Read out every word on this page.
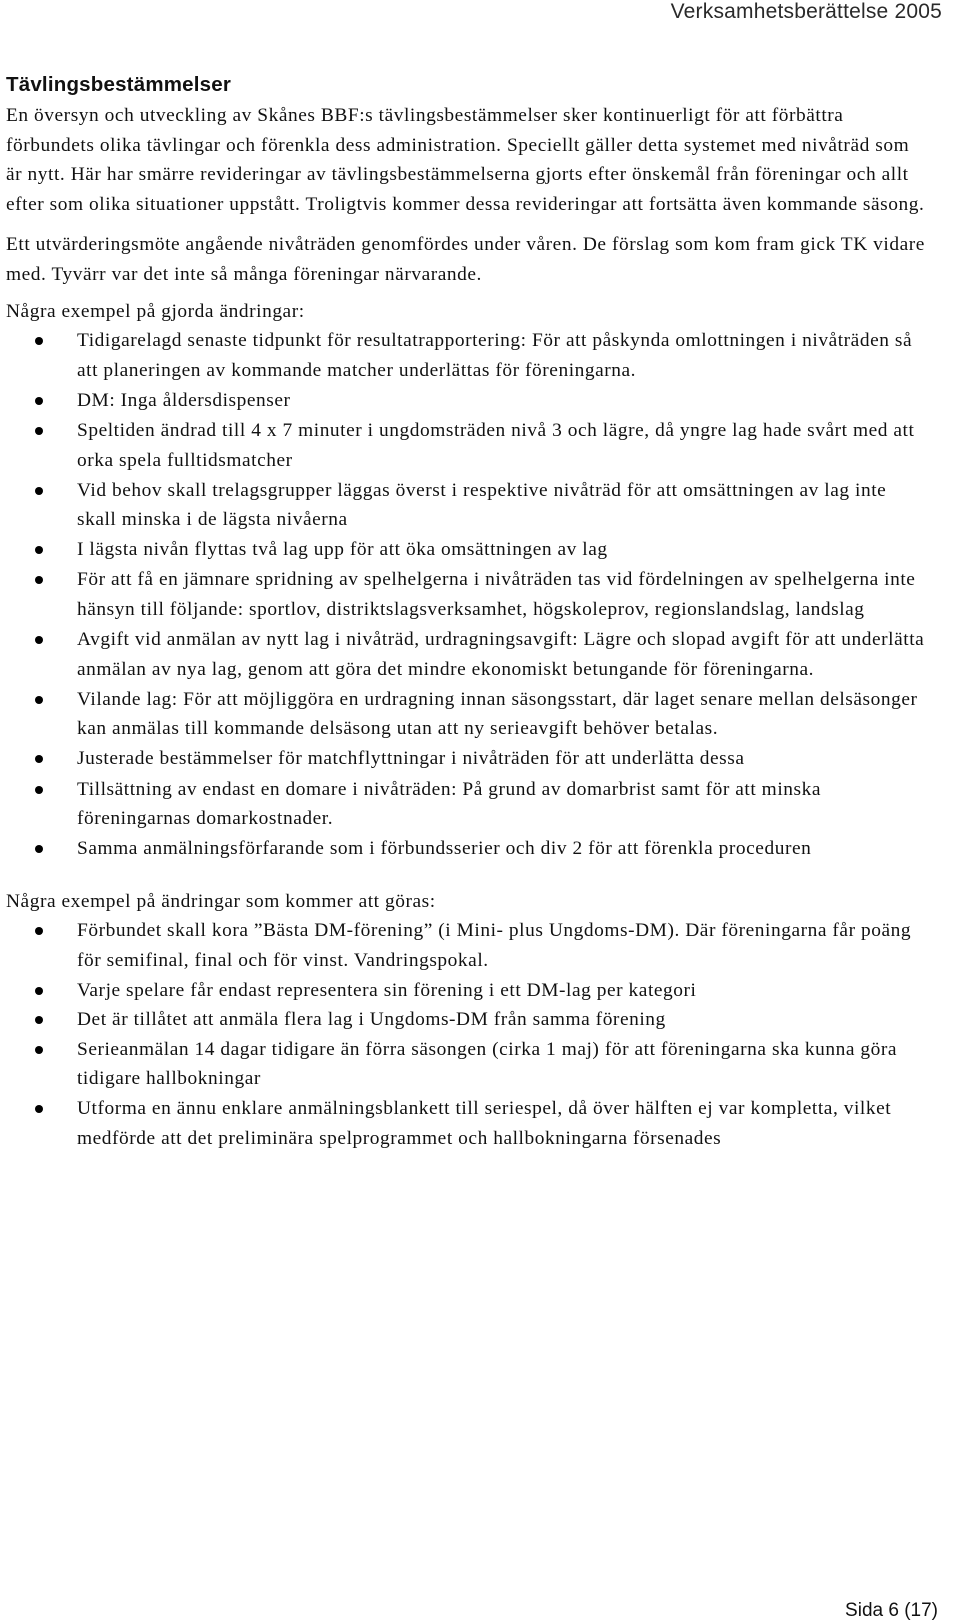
Verksamhetsberättelse 2005
Tävlingsbestämmelser

En översyn och utveckling av Skånes BBF:s tävlingsbestämmelser sker kontinuerligt för att förbättra förbundets olika tävlingar och förenkla dess administration. Speciellt gäller detta systemet med nivåträd som är nytt. Här har smärre revideringar av tävlingsbestämmelserna gjorts efter önskemål från föreningar och allt efter som olika situationer uppstått. Troligtvis kommer dessa revideringar att fortsätta även kommande säsong.

Ett utvärderingsmöte angående nivåträden genomfördes under våren. De förslag som kom fram gick TK vidare med. Tyvärr var det inte så många föreningar närvarande.

Några exempel på gjorda ändringar:

Tidigarelagd senaste tidpunkt för resultatrapportering: För att påskynda omlottningen i nivåträden så att planeringen av kommande matcher underlättas för föreningarna.
DM: Inga åldersdispenser
Speltiden ändrad till 4 x 7 minuter i ungdomsträden nivå 3 och lägre, då yngre lag hade svårt med att orka spela fulltidsmatcher
Vid behov skall trelagsgrupper läggas överst i respektive nivåträd för att omsättningen av lag inte skall minska i de lägsta nivåerna
I lägsta nivån flyttas två lag upp för att öka omsättningen av lag
För att få en jämnare spridning av spelhelgerna i nivåträden tas vid fördelningen av spelhelgerna inte hänsyn till följande: sportlov, distriktslagsverksamhet, högskoleprov, regionslandslag, landslag
Avgift vid anmälan av nytt lag i nivåträd, urdragningsavgift: Lägre och slopad avgift för att underlätta anmälan av nya lag, genom att göra det mindre ekonomiskt betungande för föreningarna.
Vilande lag: För att möjliggöra en urdragning innan säsongsstart, där laget senare mellan delsäsonger kan anmälas till kommande delsäsong utan att ny serieavgift behöver betalas.
Justerade bestämmelser för matchflyttningar i nivåträden för att underlätta dessa
Tillsättning av endast en domare i nivåträden: På grund av domarbrist samt för att minska föreningarnas domarkostnader.
Samma anmälningsförfarande som i förbundsserier och div 2 för att förenkla proceduren

Några exempel på ändringar som kommer att göras:

Förbundet skall kora ”Bästa DM-förening” (i Mini- plus Ungdoms-DM). Där föreningarna får poäng för semifinal, final och för vinst. Vandringspokal.
Varje spelare får endast representera sin förening i ett DM-lag per kategori
Det är tillåtet att anmäla flera lag i Ungdoms-DM från samma förening
Serieanmälan 14 dagar tidigare än förra säsongen (cirka 1 maj) för att föreningarna ska kunna göra tidigare hallbokningar
Utforma en ännu enklare anmälningsblankett till seriespel, då över hälften ej var kompletta, vilket medförde att det preliminära spelprogrammet och hallbokningarna försenades
Sida 6 (17)
